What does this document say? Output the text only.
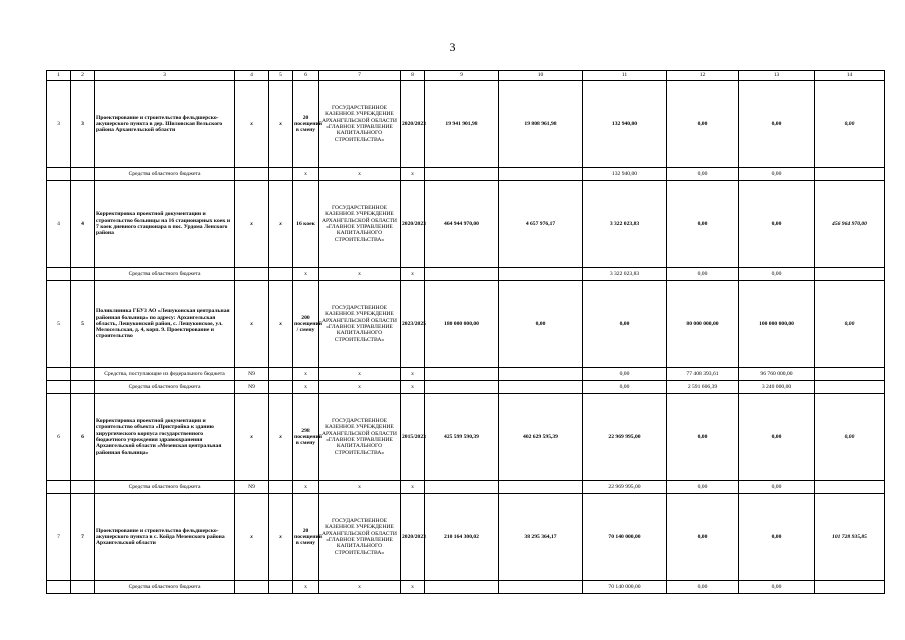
3
1	2	3	4	5	6	7	8	9	10	11	12	13	14
3	3	Проектирование и строительство фельдшерско-акушерского пункта в дер. Шиловская Вельского района Архангельской области	х	х	20 посещений в смену	ГОСУДАРСТВЕННОЕ КАЗЕННОЕ УЧРЕЖДЕНИЕ АРХАНГЕЛЬСКОЙ ОБЛАСТИ «ГЛАВНОЕ УПРАВЛЕНИЕ КАПИТАЛЬНОГО СТРОИТЕЛЬСТВА»	2020/2023	19 941 901,98	19 808 961,98	132 940,00	0,00	0,00	0,00
		Средства областного бюджета			х	х	х			132 940,00	0,00	0,00	
4	4	Корректировка проектной документации и строительство больницы на 16 стационарных коек и 7 коек дневного стационара в пос. Урдома Ленского района	х	х	16 коек	ГОСУДАРСТВЕННОЕ КАЗЕННОЕ УЧРЕЖДЕНИЕ АРХАНГЕЛЬСКОЙ ОБЛАСТИ «ГЛАВНОЕ УПРАВЛЕНИЕ КАПИТАЛЬНОГО СТРОИТЕЛЬСТВА»	2020/2023	464 944 970,00	4 657 976,17	3 322 023,83	0,00	0,00	456 964 970,00
		Средства областного бюджета			х	х	х			3 322 023,83	0,00	0,00	
5	5	Поликлиника ГБУЗ АО «Лешуконская центральная районная больница» по адресу: Архангельская область, Лешуконский район, с. Лешуконское, ул. Мелосельская, д. 4, корп. 9. Проектирование и строительство	х	х	200 посещений / смену	ГОСУДАРСТВЕННОЕ КАЗЕННОЕ УЧРЕЖДЕНИЕ АРХАНГЕЛЬСКОЙ ОБЛАСТИ «ГЛАВНОЕ УПРАВЛЕНИЕ КАПИТАЛЬНОГО СТРОИТЕЛЬСТВА»	2023/2025	180 000 000,00	0,00	0,00	80 000 000,00	100 000 000,00	0,00
		Средства, поступающие из федерального бюджета	N9		х	х	х			0,00	77 408 393,61	96 760 000,00	
		Средства областного бюджета	N9		х	х	х			0,00	2 591 606,39	3 240 000,00	
6	6	Корректировка проектной документации и строительство объекта «Пристройка к зданию хирургического корпуса государственного бюджетного учреждения здравоохранения Архангельской области «Мезенская центральная районная больница»	х	х	298 посещений в смену	ГОСУДАРСТВЕННОЕ КАЗЕННОЕ УЧРЕЖДЕНИЕ АРХАНГЕЛЬСКОЙ ОБЛАСТИ «ГЛАВНОЕ УПРАВЛЕНИЕ КАПИТАЛЬНОГО СТРОИТЕЛЬСТВА»	2015/2023	425 599 590,39	402 629 595,39	22 969 995,00	0,00	0,00	0,00
		Средства областного бюджета	N9		х	х	х			22 969 995,00	0,00	0,00	
7	7	Проектирование и строительство фельдшерско-акушерского пункта в с. Койда Мезенского района Архангельской области	х	х	20 посещений в смену	ГОСУДАРСТВЕННОЕ КАЗЕННОЕ УЧРЕЖДЕНИЕ АРХАНГЕЛЬСКОЙ ОБЛАСТИ «ГЛАВНОЕ УПРАВЛЕНИЕ КАПИТАЛЬНОГО СТРОИТЕЛЬСТВА»	2020/2023	210 164 300,02	38 295 364,17	70 140 000,00	0,00	0,00	101 728 935,85
		Средства областного бюджета			х	х	х			70 140 000,00	0,00	0,00	
